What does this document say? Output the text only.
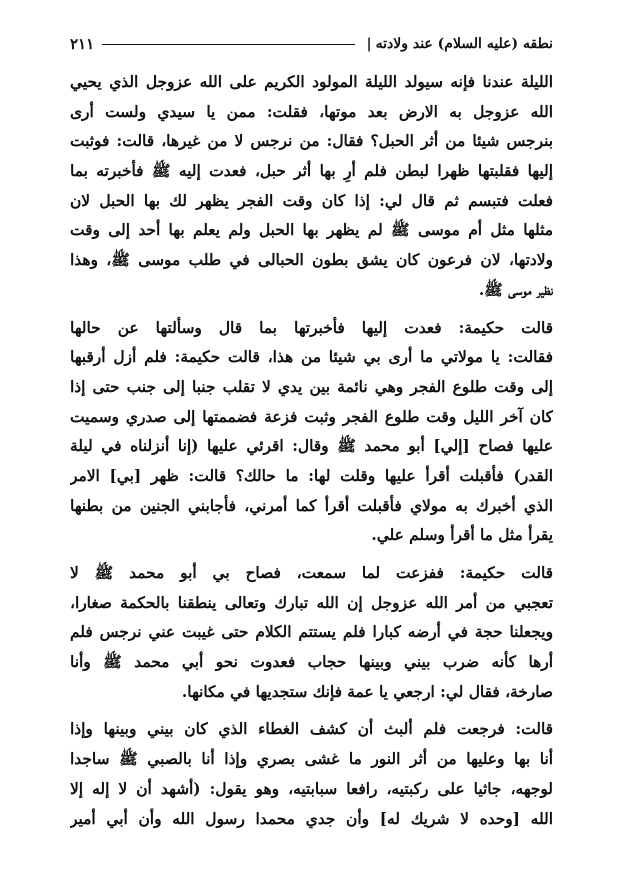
نطقه (عليه السلام) عند ولادته
|
٢١١
الليلة عندنا فإنه سيولد الليلة المولود الكريم على الله عزوجل الذي يحيي
الله عزوجل به الارض بعد موتها، فقلت: ممن يا سيدي ولست أرى
بنرجس شيئا من أثر الحبل؟ فقال: من نرجس لا من غيرها، قالت: فوثبت
إليها فقلبتها ظهرا لبطن فلم أرِ بها أثر حبل، فعدت إليه ﷺ فأخبرته بما
فعلت فتبسم ثم قال لي: إذا كان وقت الفجر يظهر لك بها الحبل لان
مثلها مثل أم موسى ﷺ لم يظهر بها الحبل ولم يعلم بها أحد إلى وقت
ولادتها، لان فرعون كان يشق بطون الحبالى في طلب موسى ﷺ، وهذا
نظير موسى ﷺ.
قالت حكيمة: فعدت إليها فأخبرتها بما قال وسألتها عن حالها
فقالت: يا مولاتي ما أرى بي شيئا من هذا، قالت حكيمة: فلم أزل أرقبها
إلى وقت طلوع الفجر وهي نائمة بين يدي لا تقلب جنبا إلى جنب حتى إذا
كان آخر الليل وقت طلوع الفجر وثبت فزعة فضممتها إلى صدري وسميت
عليها فصاح [إلي] أبو محمد ﷺ وقال: اقرئي عليها (إنا أنزلناه في ليلة
القدر) فأقبلت أقرأ عليها وقلت لها: ما حالك؟ قالت: ظهر [بي] الامر
الذي أخبرك به مولاي فأقبلت أقرأ كما أمرني، فأجابني الجنين من بطنها
يقرأ مثل ما أقرأ وسلم علي.
قالت حكيمة: ففزعت لما سمعت، فصاح بي أبو محمد ﷺ لا
تعجبي من أمر الله عزوجل إن الله تبارك وتعالى ينطقنا بالحكمة صغارا،
ويجعلنا حجة في أرضه كبارا فلم يستتم الكلام حتى غيبت عني نرجس فلم
أرها كأنه ضرب بيني وبينها حجاب فعدوت نحو أبي محمد ﷺ وأنا
صارخة، فقال لي: ارجعي يا عمة فإنك ستجديها في مكانها.
قالت: فرجعت فلم ألبث أن كشف الغطاء الذي كان بيني وبينها وإذا
أنا بها وعليها من أثر النور ما غشى بصري وإذا أنا بالصبي ﷺ ساجدا
لوجهه، جاثيا على ركبتيه، رافعا سبابتيه، وهو يقول: (أشهد أن لا إله إلا
الله [وحده لا شريك له] وأن جدي محمدا رسول الله وأن أبي أمير
